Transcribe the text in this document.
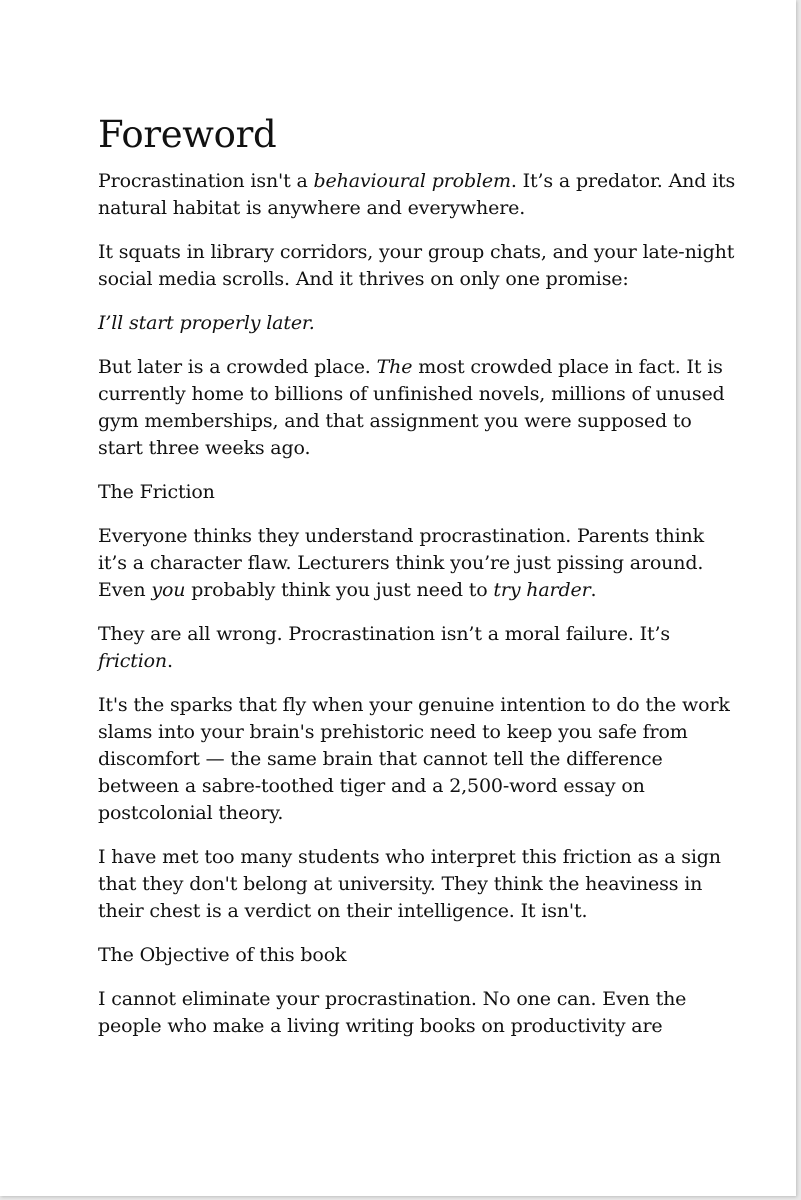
Foreword

Procrastination isn't a behavioural problem. It’s a predator. And its natural habitat is anywhere and everywhere.

It squats in library corridors, your group chats, and your late-night social media scrolls. And it thrives on only one promise:

I’ll start properly later.

But later is a crowded place. The most crowded place in fact. It is currently home to billions of unfinished novels, millions of unused gym memberships, and that assignment you were supposed to start three weeks ago.

The Friction

Everyone thinks they understand procrastination. Parents think it’s a character flaw. Lecturers think you’re just pissing around. Even you probably think you just need to try harder.

They are all wrong. Procrastination isn’t a moral failure. It’s friction.

It's the sparks that fly when your genuine intention to do the work slams into your brain's prehistoric need to keep you safe from discomfort — the same brain that cannot tell the difference between a sabre-toothed tiger and a 2,500-word essay on postcolonial theory.

I have met too many students who interpret this friction as a sign that they don't belong at university. They think the heaviness in their chest is a verdict on their intelligence. It isn't.

The Objective of this book

I cannot eliminate your procrastination. No one can. Even the people who make a living writing books on productivity are
